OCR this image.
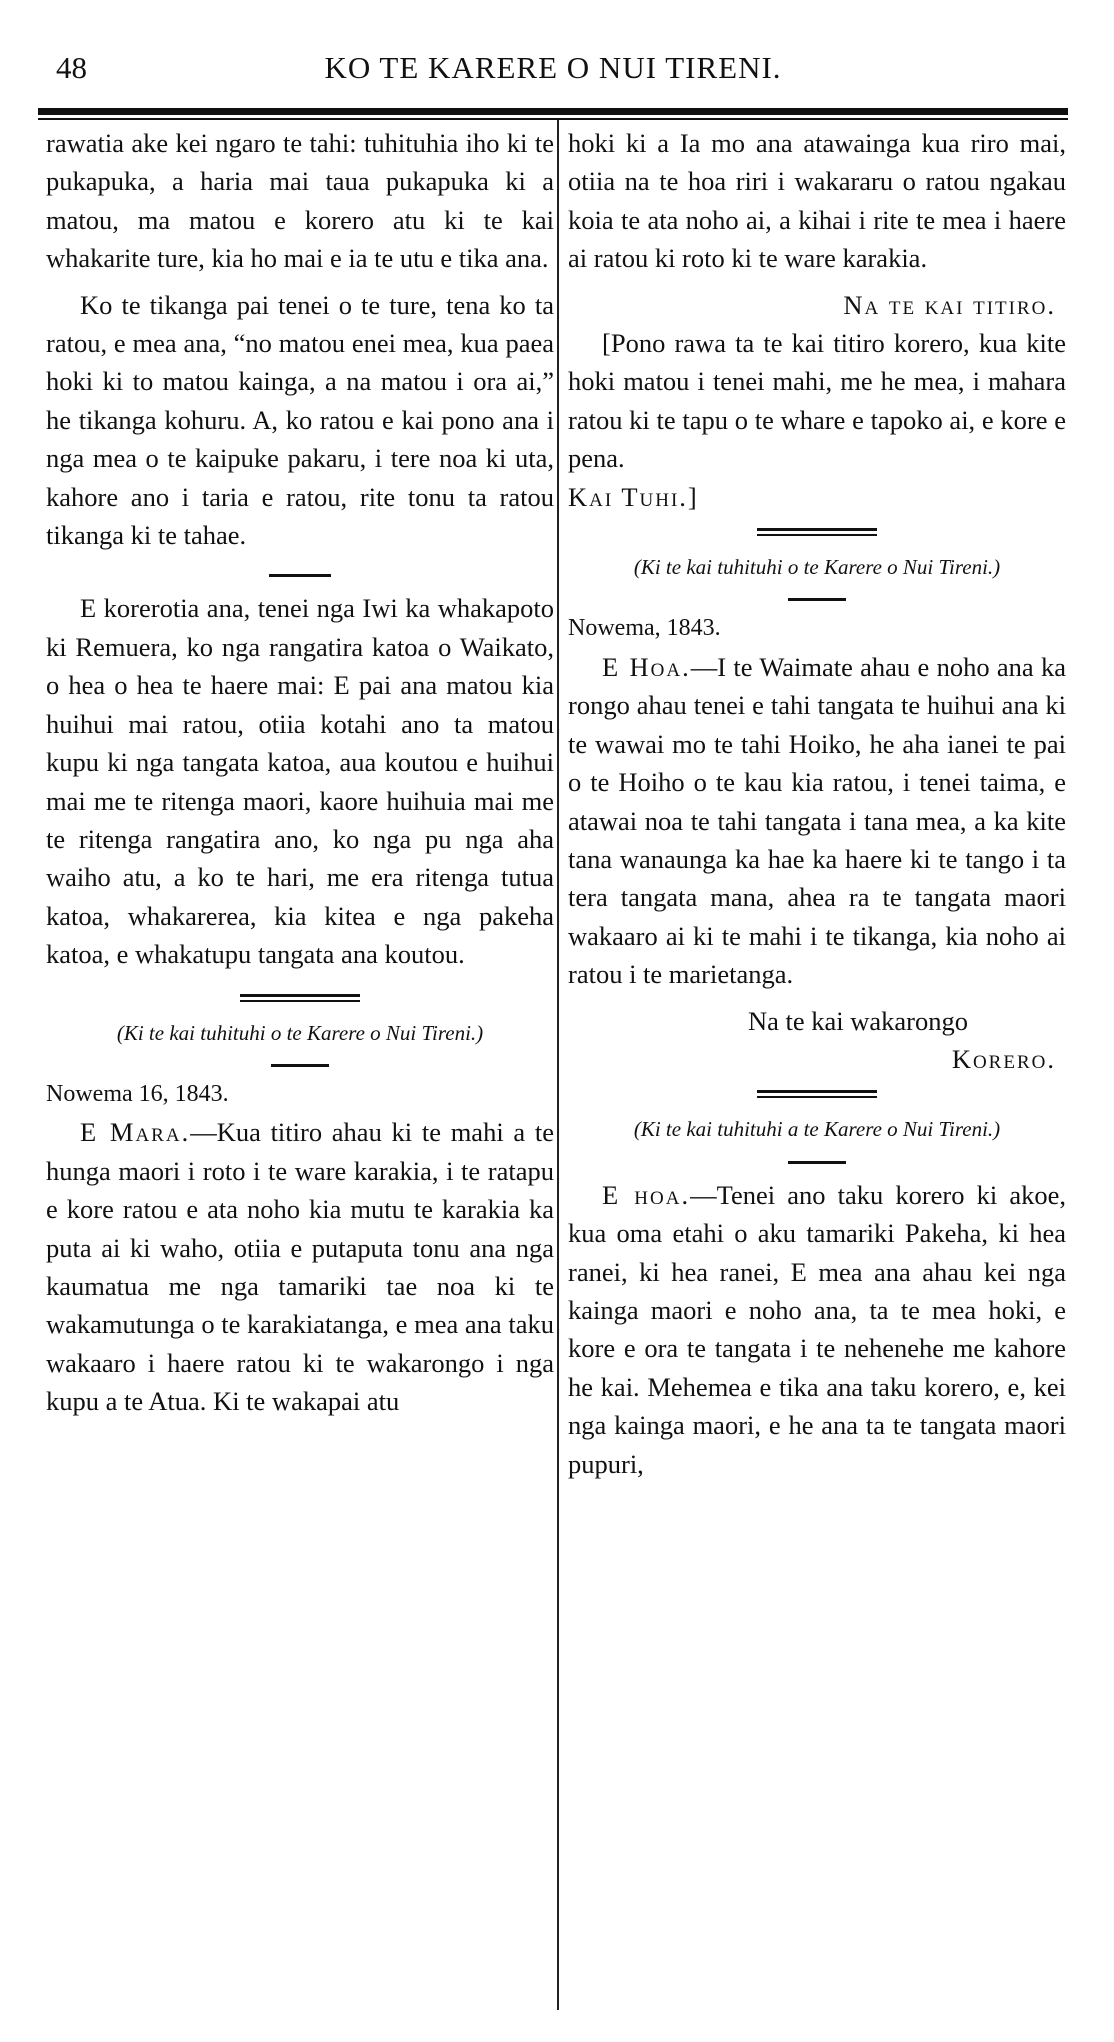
48	KO TE KARERE O NUI TIRENI.

rawatia ake kei ngaro te tahi: tuhituhia iho ki te pukapuka, a haria mai taua pukapuka ki a matou, ma matou e korero atu ki te kai whakarite ture, kia ho mai e ia te utu e tika ana.

Ko te tikanga pai tenei o te ture, tena ko ta ratou, e mea ana, “no matou enei mea, kua paea hoki ki to matou kainga, a na matou i ora ai,” he tikanga kohuru. A, ko ratou e kai pono ana i nga mea o te kaipuke pakaru, i tere noa ki uta, kahore ano i taria e ratou, rite tonu ta ratou tikanga ki te tahae.

E korerotia ana, tenei nga Iwi ka whakapoto ki Remuera, ko nga rangatira katoa o Waikato, o hea o hea te haere mai: E pai ana matou kia huihui mai ratou, otiia kotahi ano ta matou kupu ki nga tangata katoa, aua koutou e huihui mai me te ritenga maori, kaore huihuia mai me te ritenga rangatira ano, ko nga pu nga aha waiho atu, a ko te hari, me era ritenga tutua katoa, whakarerea, kia kitea e nga pakeha katoa, e whakatupu tangata ana koutou.

(Ki te kai tuhituhi o te Karere o Nui Tireni.)

Nowema 16, 1843.

E Mara.—Kua titiro ahau ki te mahi a te hunga maori i roto i te ware karakia, i te ratapu e kore ratou e ata noho kia mutu te karakia ka puta ai ki waho, otiia e putaputa tonu ana nga kaumatua me nga tamariki tae noa ki te wakamutunga o te karakiatanga, e mea ana taku wakaaro i haere ratou ki te wakarongo i nga kupu a te Atua. Ki te wakapai atu

hoki ki a Ia mo ana atawainga kua riro mai, otiia na te hoa riri i wakararu o ratou ngakau koia te ata noho ai, a kihai i rite te mea i haere ai ratou ki roto ki te ware karakia.

Na te kai titiro.

[Pono rawa ta te kai titiro korero, kua kite hoki matou i tenei mahi, me he mea, i mahara ratou ki te tapu o te whare e tapoko ai, e kore e pena.

Kai Tuhi.]

(Ki te kai tuhituhi o te Karere o Nui Tireni.)

Nowema, 1843.

E Hoa.—I te Waimate ahau e noho ana ka rongo ahau tenei e tahi tangata te huihui ana ki te wawai mo te tahi Hoiko, he aha ianei te pai o te Hoiho o te kau kia ratou, i tenei taima, e atawai noa te tahi tangata i tana mea, a ka kite tana wanaunga ka hae ka haere ki te tango i ta tera tangata mana, ahea ra te tangata maori wakaaro ai ki te mahi i te tikanga, kia noho ai ratou i te marietanga.

Na te kai wakarongo

Korero.

(Ki te kai tuhituhi a te Karere o Nui Tireni.)

E hoa.—Tenei ano taku korero ki akoe, kua oma etahi o aku tamariki Pakeha, ki hea ranei, ki hea ranei, E mea ana ahau kei nga kainga maori e noho ana, ta te mea hoki, e kore e ora te tangata i te nehenehe me kahore he kai. Mehemea e tika ana taku korero, e, kei nga kainga maori, e he ana ta te tangata maori pupuri,
